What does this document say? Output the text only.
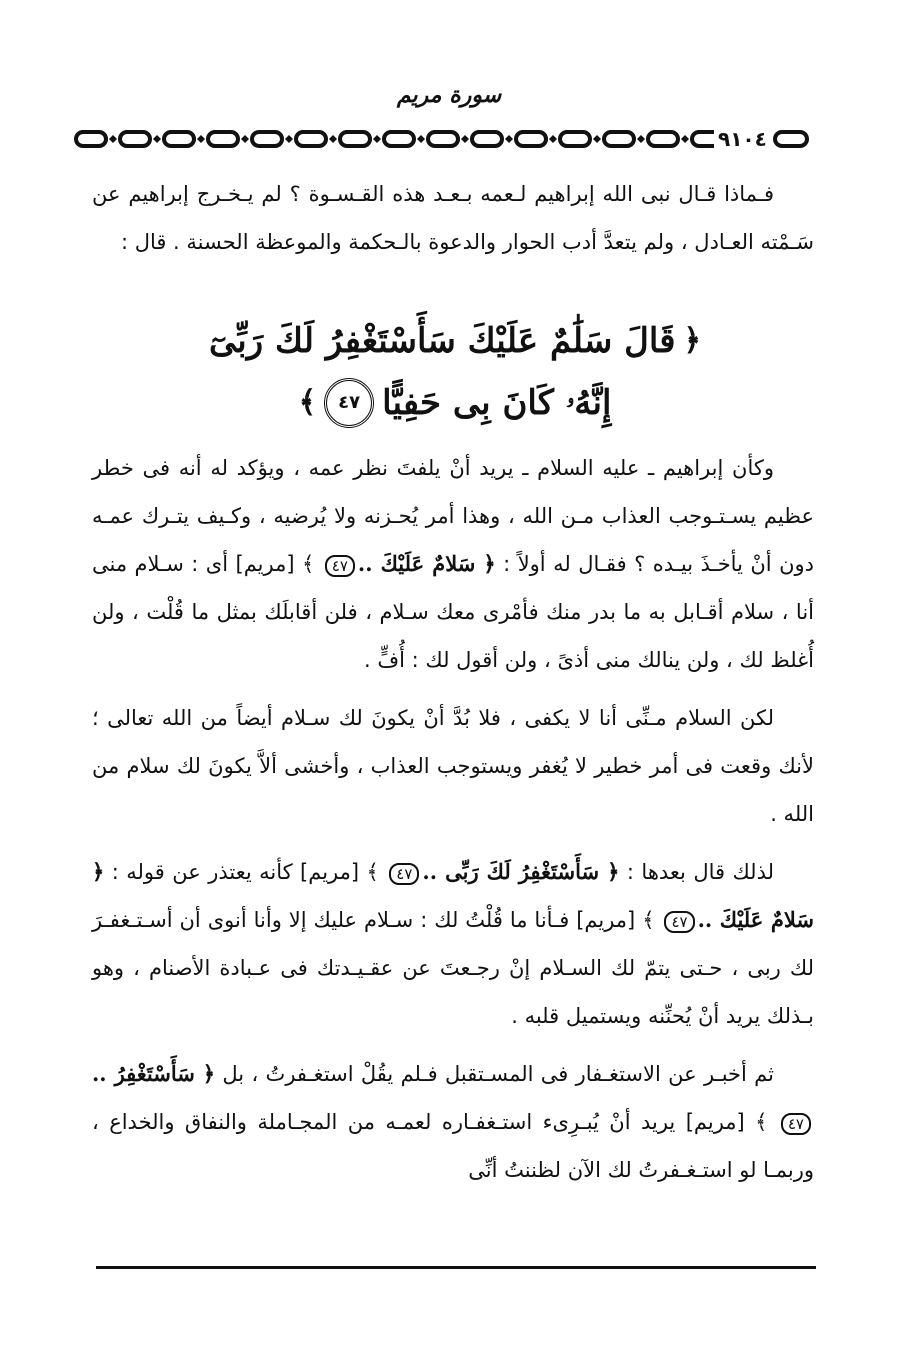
سورة مريم
٩١٠٤

فـماذا قـال نبى الله إبراهيم لـعمه بـعـد هذه القـسـوة ؟ لم يـخـرج إبراهيم عن سَـمْته العـادل ، ولم يتعدَّ أدب الحوار والدعوة بالـحكمة والموعظة الحسنة . قال :

﴿
قَالَ سَلَٰمٌ عَلَيْكَ سَأَسْتَغْفِرُ لَكَ رَبِّىٓ
إِنَّهُۥ كَانَ بِى حَفِيًّا
٤٧
﴾

وكأن إبراهيم ـ عليه السلام ـ يريد أنْ يلفتَ نظر عمه ، ويؤكد له أنه فى خطر عظيم يسـتـوجب العذاب مـن الله ، وهذا أمر يُحـزنه ولا يُرضيه ، وكـيف يتـرك عمـه دون أنْ يأخـذَ بيـده ؟ فقـال له أولاً : ﴿ سَلامٌ عَلَيْكَ ..٤٧ ﴾ [مريم] أى : سـلام منى أنا ، سلام أقـابل به ما بدر منك فأمْرى معك سـلام ، فلن أقابلَك بمثل ما قُلْت ، ولن أُغلظ لك ، ولن ينالك منى أذىً ، ولن أقول لك : أُفٍّ .

لكن السلام مـنِّى أنا لا يكفى ، فلا بُدَّ أنْ يكونَ لك سـلام أيضاً من الله تعالى ؛ لأنك وقعت فى أمر خطير لا يُغفر ويستوجب العذاب ، وأخشى ألاَّ يكونَ لك سلام من الله .

لذلك قال بعدها : ﴿ سَأَسْتَغْفِرُ لَكَ رَبِّى ..٤٧ ﴾ [مريم] كأنه يعتذر عن قوله : ﴿ سَلامٌ عَلَيْكَ ..٤٧ ﴾ [مريم] فـأنا ما قُلْتُ لك : سـلام عليك إلا وأنا أنوى أن أسـتـغفـرَ لك ربى ، حـتى يتمّ لك السـلام إنْ رجـعتَ عن عقـيـدتك فى عـبادة الأصنام ، وهو بـذلك يريد أنْ يُحنِّنه ويستميل قلبه .

ثم أخبـر عن الاستغـفار فى المسـتقبل فـلم يقُلْ استغـفرتُ ، بل ﴿ سَأَسْتَغْفِرُ ..٤٧ ﴾ [مريم] يريد أنْ يُبـرِىء استـغفـاره لعمـه من المجـاملة والنفاق والخداع ، وربمـا لو استـغـفرتُ لك الآن لظننتُ أنِّى
